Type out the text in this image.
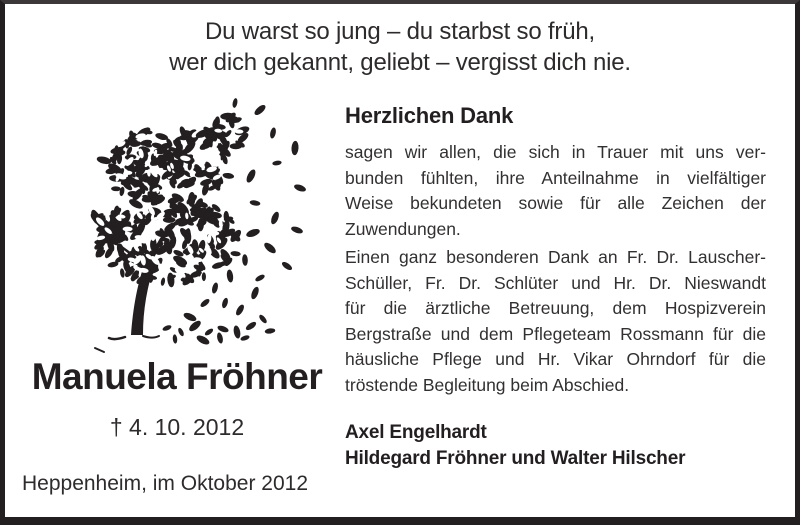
Du warst so jung – du starbst so früh,
wer dich gekannt, geliebt – vergisst dich nie.
Manuela Fröhner
† 4. 10. 2012
Heppenheim, im Oktober 2012
Herzlichen Dank
sagen wir allen, die sich in Trauer mit uns ver-
bunden fühlten, ihre Anteilnahme in vielfältiger
Weise bekundeten sowie für alle Zeichen der
Zuwendungen.
Einen ganz besonderen Dank an Fr. Dr. Lauscher-
Schüller, Fr. Dr. Schlüter und Hr. Dr. Nieswandt
für die ärztliche Betreuung, dem Hospizverein
Bergstraße und dem Pflegeteam Rossmann für die
häusliche Pflege und Hr. Vikar Ohrndorf für die
tröstende Begleitung beim Abschied.
Axel Engelhardt
Hildegard Fröhner und Walter Hilscher
